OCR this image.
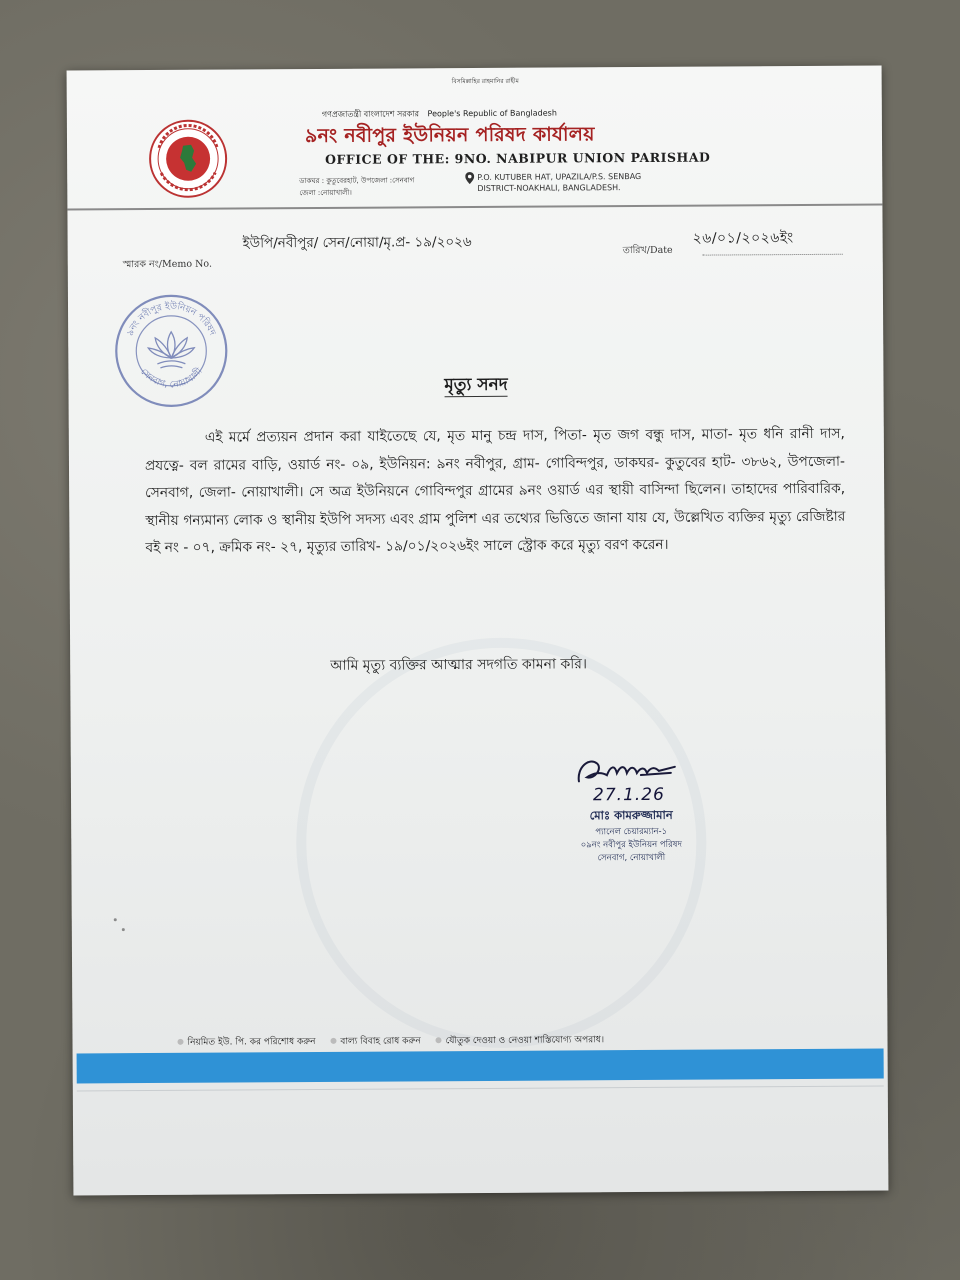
বিসমিল্লাহির রাহমানির রাহীম
গণপ্রজাতন্ত্রী বাংলাদেশ সরকার People's Republic of Bangladesh
৯নং নবীপুর ইউনিয়ন পরিষদ কার্যালয়
OFFICE OF THE: 9NO. NABIPUR UNION PARISHAD
ডাকঘর : কুতুবেরহাট, উপজেলা :সেনবাগ
জেলা :নোয়াখালী।
P.O. KUTUBER HAT, UPAZILA/P.S. SENBAG
DISTRICT-NOAKHALI, BANGLADESH.
ইউপি/নবীপুর/ সেন/নোয়া/মৃ.প্র- ১৯/২০২৬
স্মারক নং/Memo No.
২৬/০১/২০২৬ইং
তারিখ/Date
৯নং নবীপুর ইউনিয়ন পরিষদ
সেনবাগ, নোয়াখালী
মৃত্যু সনদ
এই মর্মে প্রত্যয়ন প্রদান করা যাইতেছে যে, মৃত মানু চন্দ্র দাস, পিতা- মৃত জগ বন্ধু দাস, মাতা- মৃত ধনি রানী দাস, প্রযত্নে- বল রামের বাড়ি, ওয়ার্ড নং- ০৯, ইউনিয়ন: ৯নং নবীপুর, গ্রাম- গোবিন্দপুর, ডাকঘর- কুতুবের হাট- ৩৮৬২, উপজেলা- সেনবাগ, জেলা- নোয়াখালী। সে অত্র ইউনিয়নে গোবিন্দপুর গ্রামের ৯নং ওয়ার্ড এর স্থায়ী বাসিন্দা ছিলেন। তাহাদের পারিবারিক, স্থানীয় গন্যমান্য লোক ও স্থানীয় ইউপি সদস্য এবং গ্রাম পুলিশ এর তথ্যের ভিত্তিতে জানা যায় যে, উল্লেখিত ব্যক্তির মৃত্যু রেজিষ্টার বই নং - ০৭, ক্রমিক নং- ২৭, মৃত্যুর তারিখ- ১৯/০১/২০২৬ইং সালে স্ট্রোক করে মৃত্যু বরণ করেন।
আমি মৃত্যু ব্যক্তির আত্মার সদগতি কামনা করি।
27.1.26
মোঃ কামরুজ্জামান
প্যানেল চেয়ারম্যান-১
০৯নং নবীপুর ইউনিয়ন পরিষদ
সেনবাগ, নোয়াখালী
নিয়মিত ইউ. পি. কর পরিশোধ করুন	বাল্য বিবাহ রোধ করুন	যৌতুক দেওয়া ও নেওয়া শাস্তিযোগ্য অপরাধ।
